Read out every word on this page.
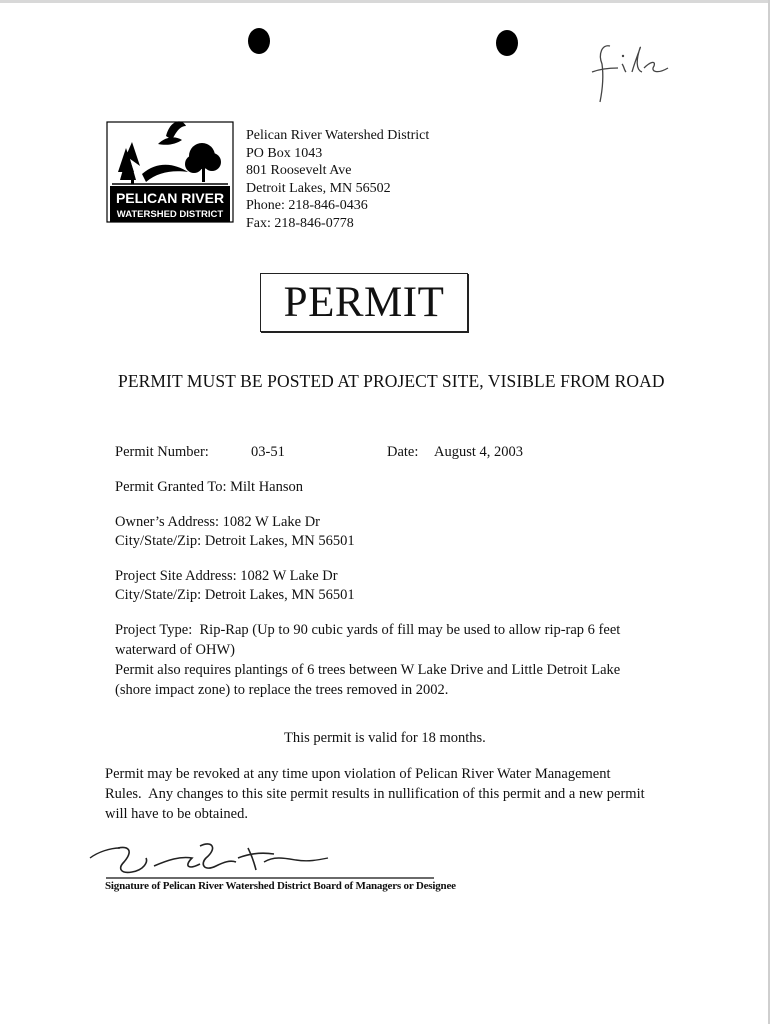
PELICAN RIVER
WATERSHED DISTRICT
Pelican River Watershed District
PO Box 1043
801 Roosevelt Ave
Detroit Lakes, MN 56502
Phone: 218-846-0436
Fax: 218-846-0778
PERMIT
PERMIT MUST BE POSTED AT PROJECT SITE, VISIBLE FROM ROAD
Permit Number:	03-51	Date: August 4, 2003
Permit Granted To: Milt Hanson
Owner’s Address: 1082 W Lake Dr
City/State/Zip: Detroit Lakes, MN 56501
Project Site Address: 1082 W Lake Dr
City/State/Zip: Detroit Lakes, MN 56501
Project Type: Rip-Rap (Up to 90 cubic yards of fill may be used to allow rip-rap 6 feet
waterward of OHW)
Permit also requires plantings of 6 trees between W Lake Drive and Little Detroit Lake
(shore impact zone) to replace the trees removed in 2002.
This permit is valid for 18 months.
Permit may be revoked at any time upon violation of Pelican River Water Management
Rules.  Any changes to this site permit results in nullification of this permit and a new permit
will have to be obtained.
Signature of Pelican River Watershed District Board of Managers or Designee
